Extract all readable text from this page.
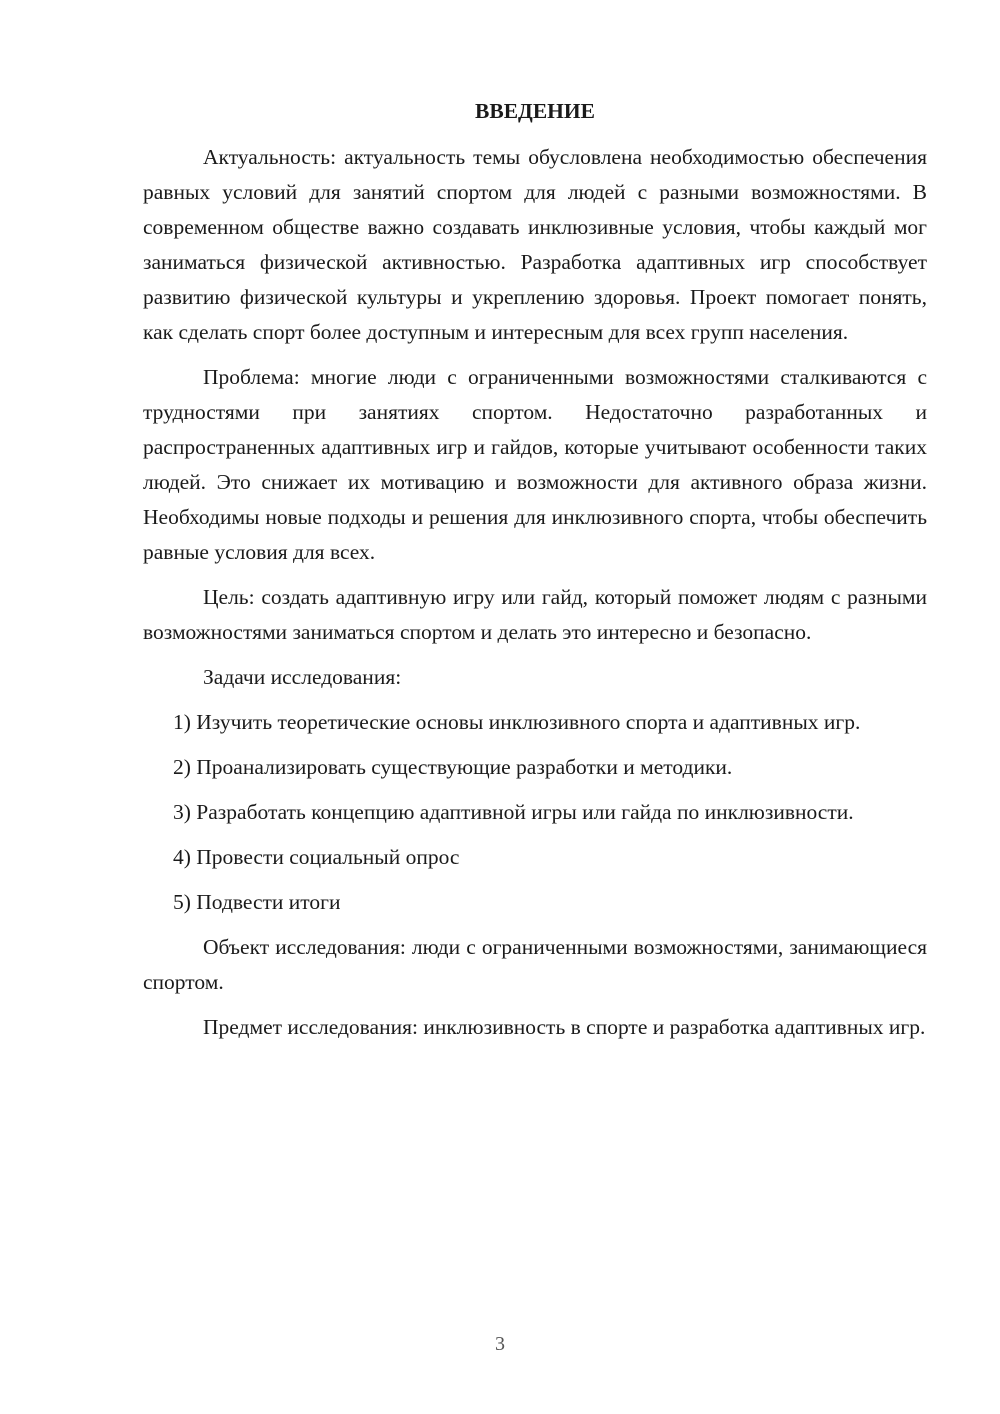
ВВЕДЕНИЕ

Актуальность: актуальность темы обусловлена необходимостью обеспечения равных условий для занятий спортом для людей с разными возможностями. В современном обществе важно создавать инклюзивные условия, чтобы каждый мог заниматься физической активностью. Разработка адаптивных игр способствует развитию физической культуры и укреплению здоровья. Проект помогает понять, как сделать спорт более доступным и интересным для всех групп населения.

Проблема: многие люди с ограниченными возможностями сталкиваются с трудностями при занятиях спортом. Недостаточно разработанных и распространенных адаптивных игр и гайдов, которые учитывают особенности таких людей. Это снижает их мотивацию и возможности для активного образа жизни. Необходимы новые подходы и решения для инклюзивного спорта, чтобы обеспечить равные условия для всех.

Цель: создать адаптивную игру или гайд, который поможет людям с разными возможностями заниматься спортом и делать это интересно и безопасно.

Задачи исследования:

1) Изучить теоретические основы инклюзивного спорта и адаптивных игр.

2) Проанализировать существующие разработки и методики.

3) Разработать концепцию адаптивной игры или гайда по инклюзивности.

4) Провести социальный опрос

5) Подвести итоги

Объект исследования: люди с ограниченными возможностями, занимающиеся спортом.

Предмет исследования: инклюзивность в спорте и разработка адаптивных игр.

3
